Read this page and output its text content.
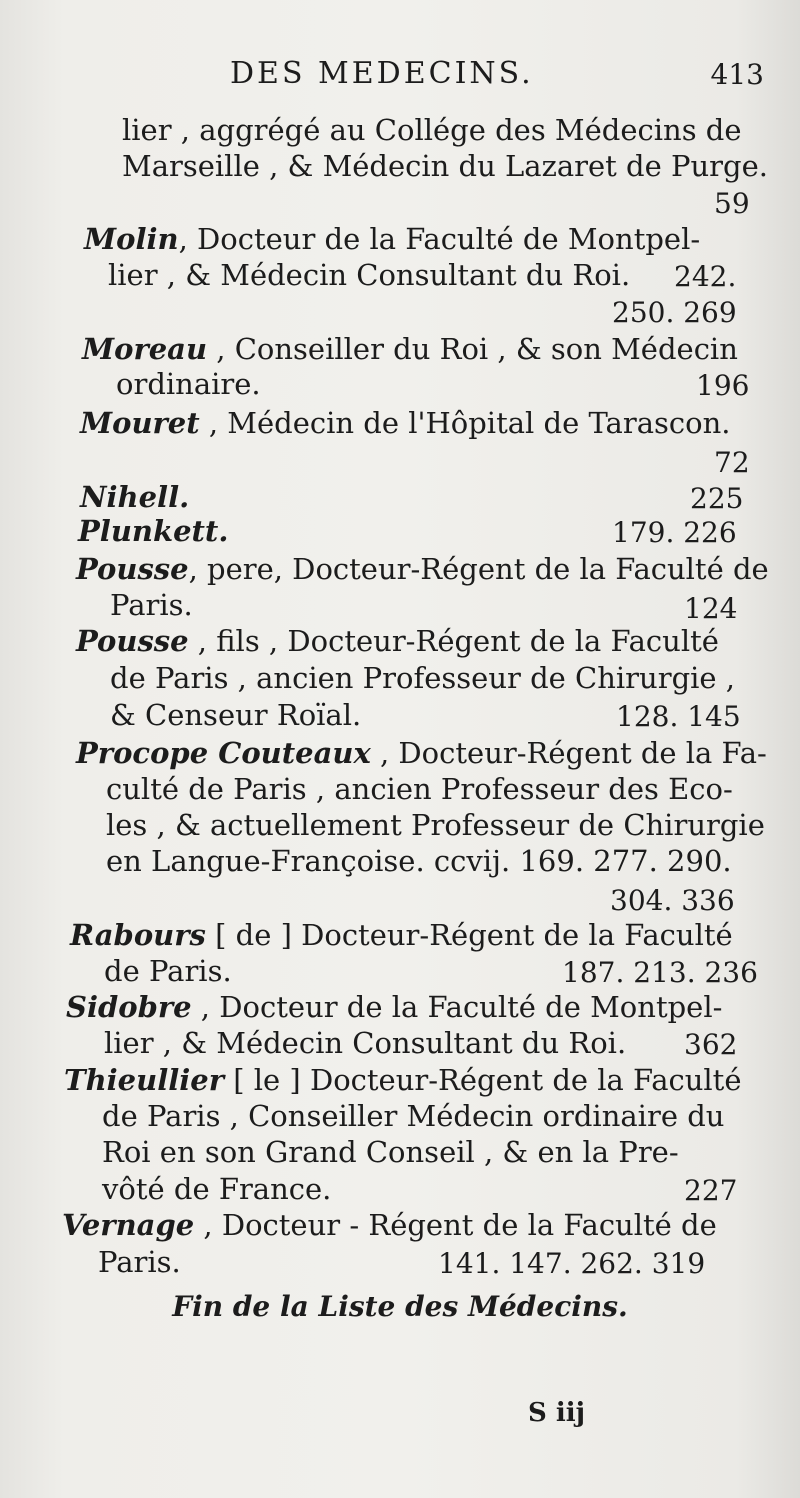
DES MEDECINS.	413
lier , aggrégé au Collége des Médecins de
Marseille , & Médecin du Lazaret de Purge.
59
Molin, Docteur de la Faculté de Montpel-
lier , & Médecin Consultant du Roi. 242.
250. 269
Moreau , Conseiller du Roi , & son Médecin
ordinaire.	196
Mouret , Médecin de l'Hôpital de Tarascon.
72
Nihell.	225
Plunkett.	179. 226
Pousse, pere, Docteur-Régent de la Faculté de
Paris.	124
Pousse , fils , Docteur-Régent de la Faculté
de Paris , ancien Professeur de Chirurgie ,
& Censeur Roïal.	128. 145
Procope Couteaux , Docteur-Régent de la Fa-
culté de Paris , ancien Professeur des Eco-
les , & actuellement Professeur de Chirurgie
en Langue-Françoise. ccvij. 169. 277. 290.
304. 336
Rabours [ de ] Docteur-Régent de la Faculté
de Paris.	187. 213. 236
Sidobre , Docteur de la Faculté de Montpel-
lier , & Médecin Consultant du Roi. 362
Thieullier [ le ] Docteur-Régent de la Faculté
de Paris , Conseiller Médecin ordinaire du
Roi en son Grand Conseil , & en la Pre-
vôté de France.	227
Vernage , Docteur - Régent de la Faculté de
Paris.	141. 147. 262. 319
Fin de la Liste des Médecins.
S iij
